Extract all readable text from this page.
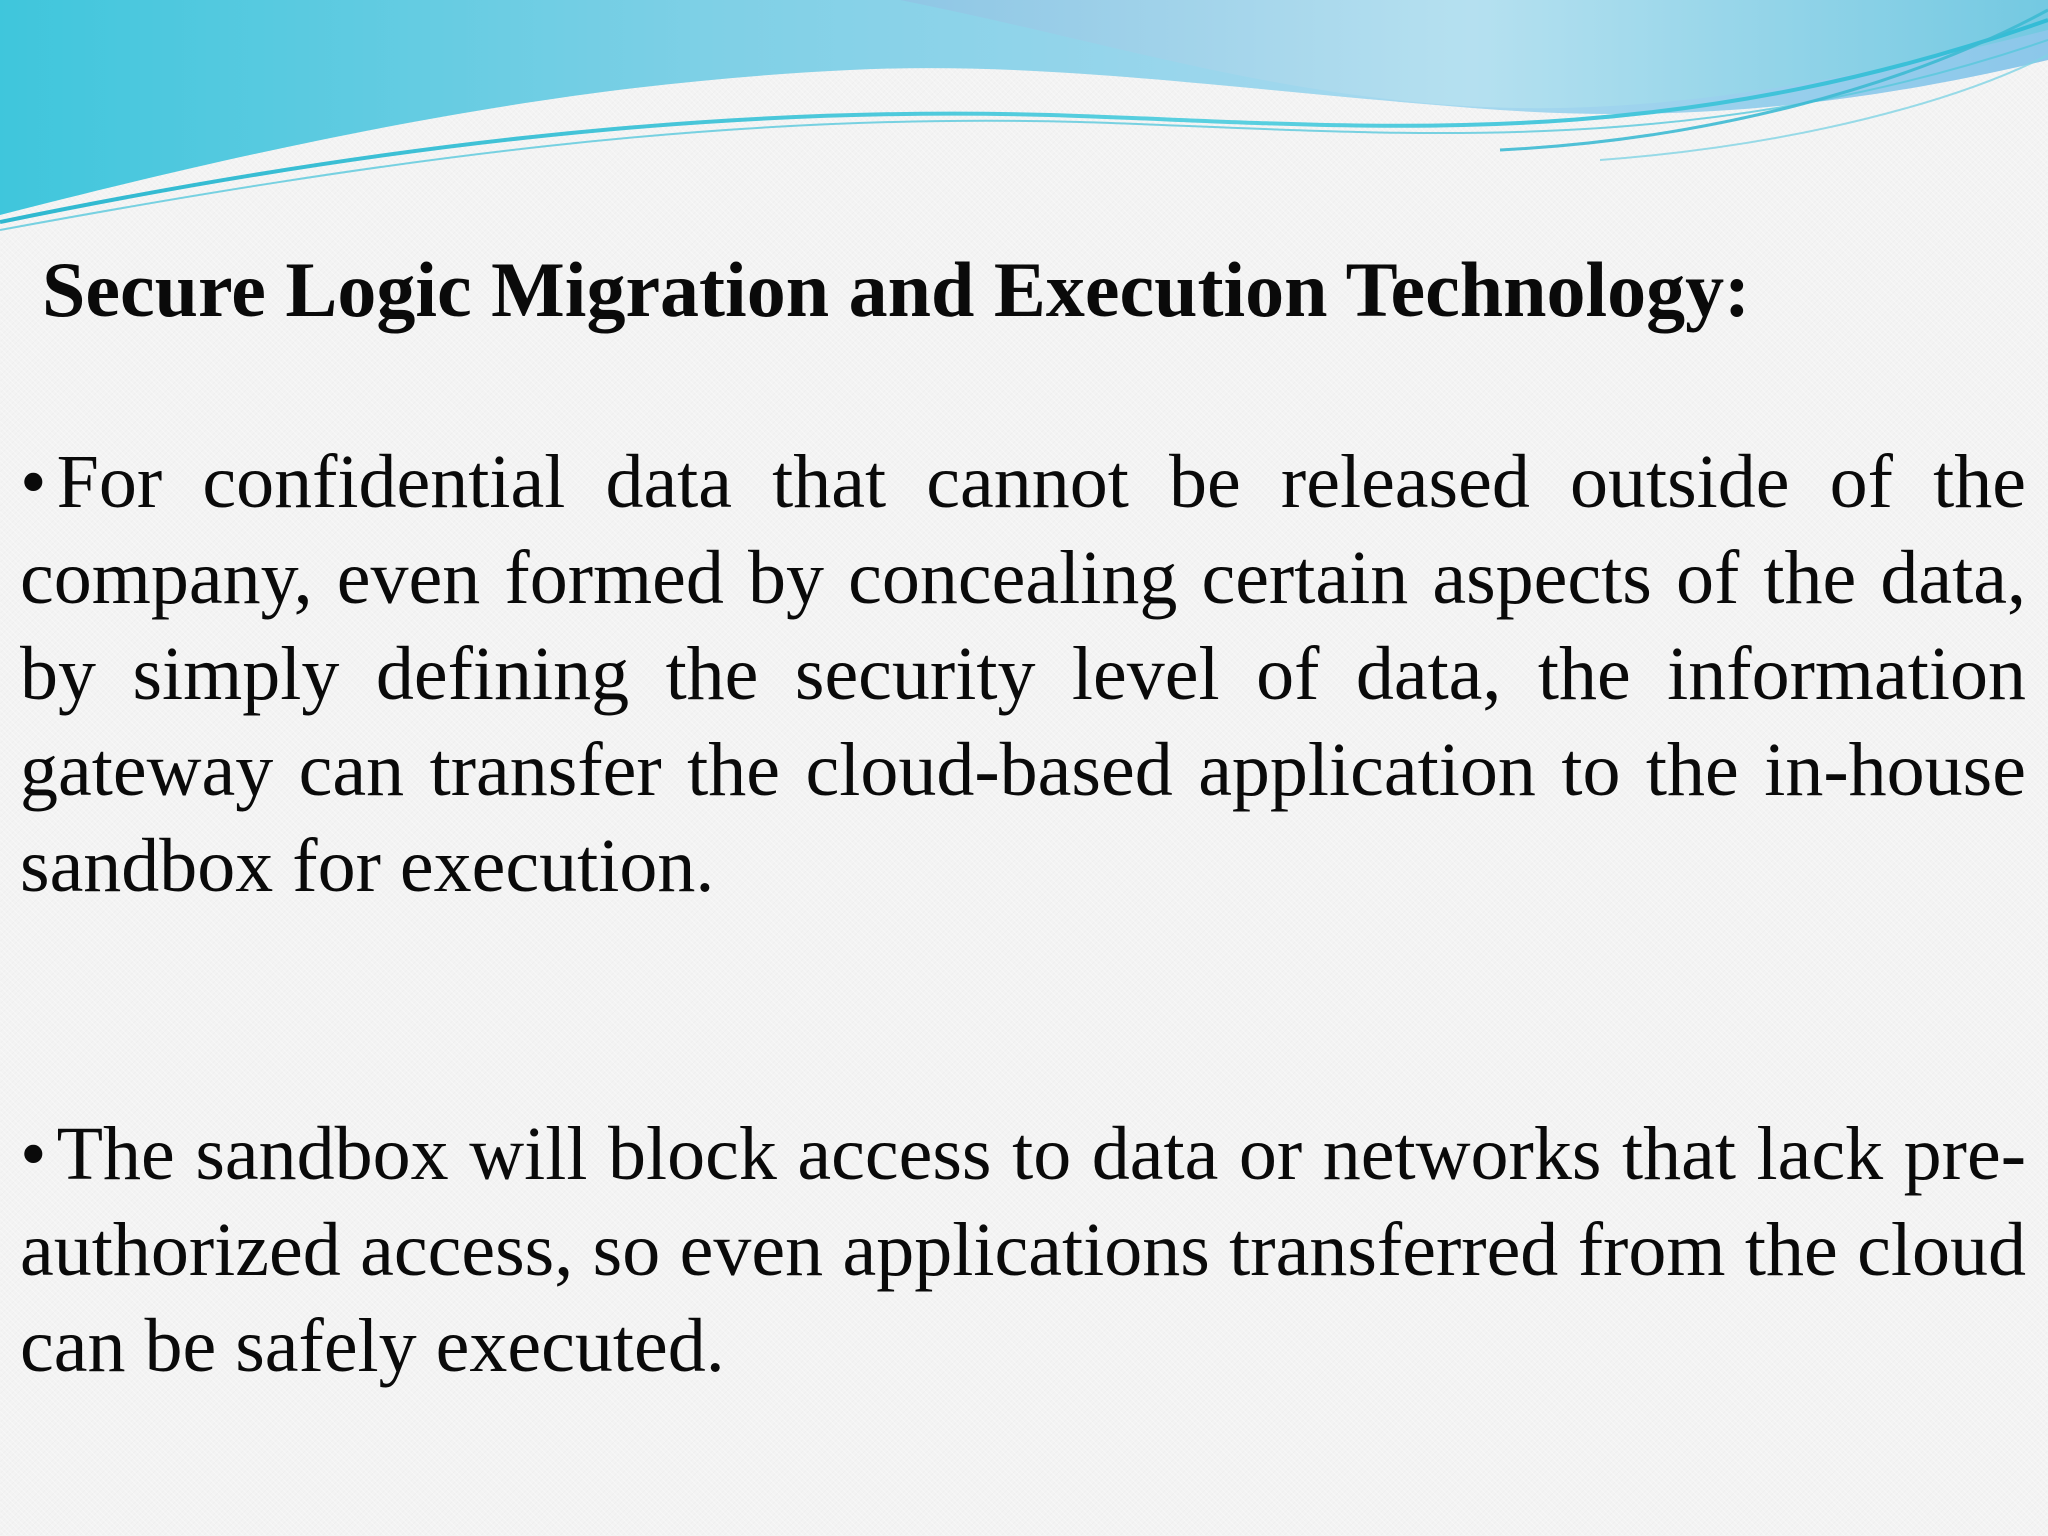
Secure Logic Migration and Execution Technology:

• For confidential data that cannot be released outside of the company, even formed by concealing certain aspects of the data, by simply defining the security level of data, the information gateway can transfer the cloud-based application to the in-house sandbox for execution.

• The sandbox will block access to data or networks that lack pre-authorized access, so even applications transferred from the cloud can be safely executed.
